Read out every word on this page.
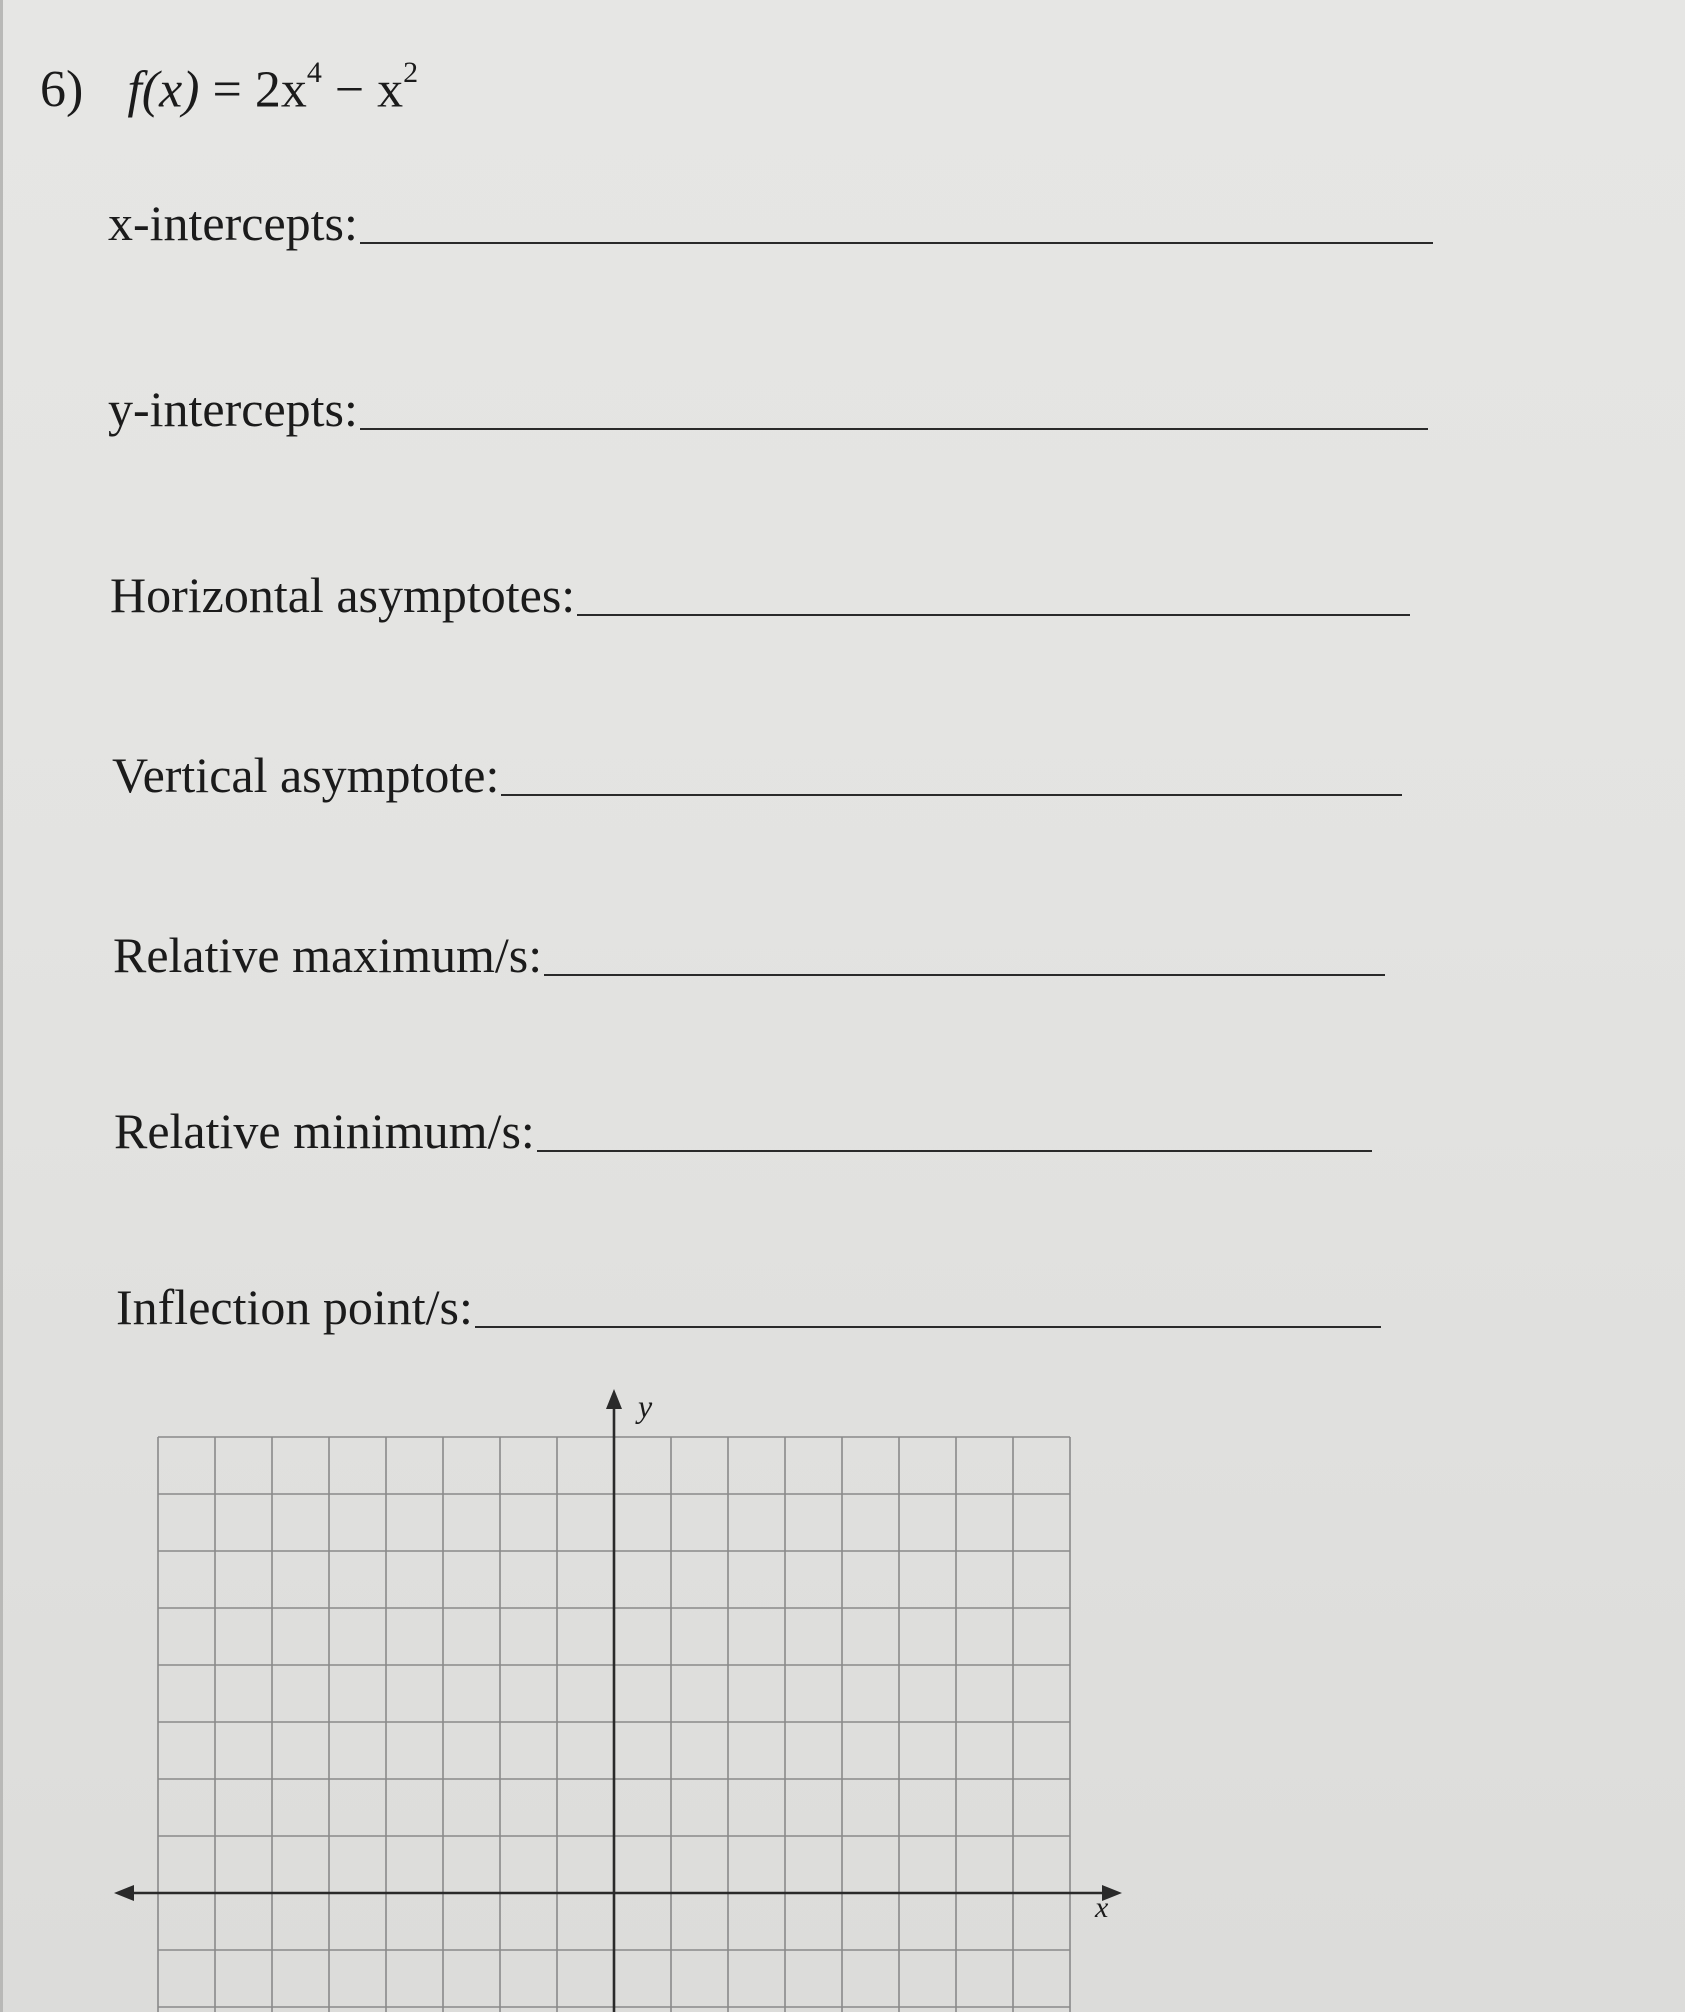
6) $f(x) = 2x^4 - x^2$
x-intercepts:
y-intercepts:
Horizontal asymptotes:
Vertical asymptote:
Relative maximum/s:
Relative minimum/s:
Inflection point/s:
y
x
